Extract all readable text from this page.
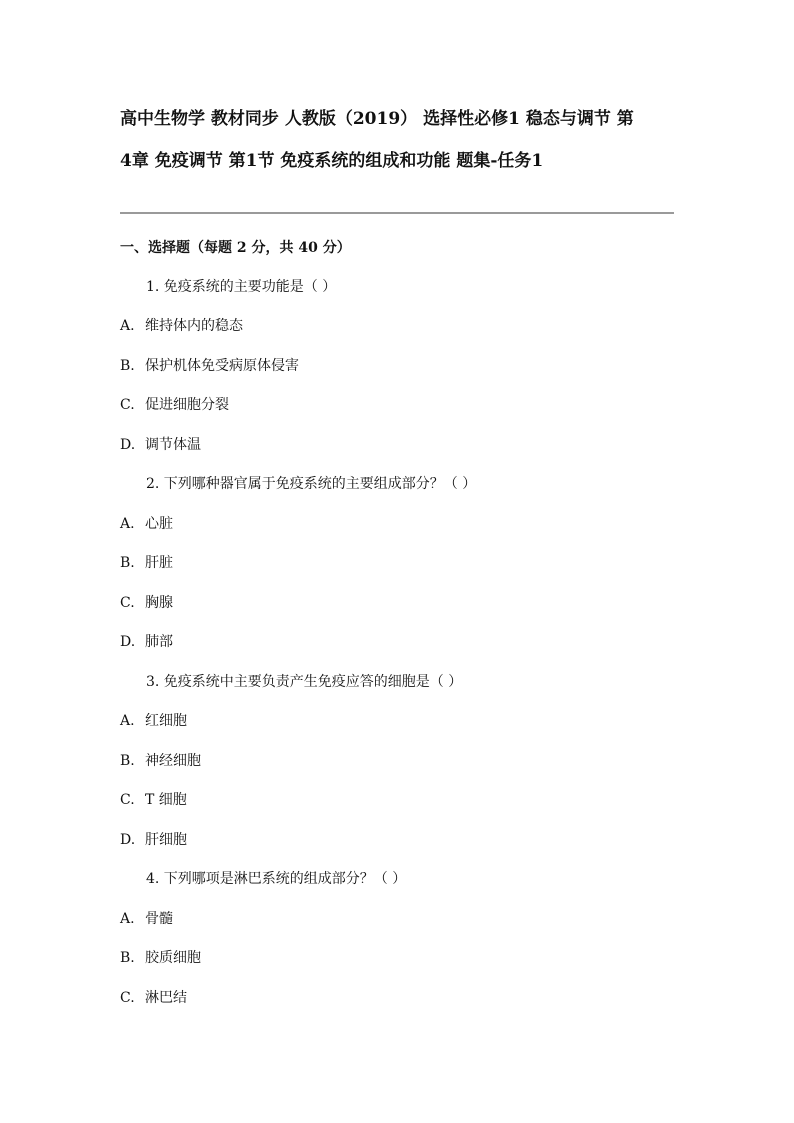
高中生物学 教材同步 人教版（2019） 选择性必修1 稳态与调节 第
4章 免疫调节 第1节 免疫系统的组成和功能 题集-任务1
一、选择题（每题 2 分，共 40 分）
1. 免疫系统的主要功能是（ ）
A. 维持体内的稳态
B. 保护机体免受病原体侵害
C. 促进细胞分裂
D. 调节体温
2. 下列哪种器官属于免疫系统的主要组成部分？（ ）
A. 心脏
B. 肝脏
C. 胸腺
D. 肺部
3. 免疫系统中主要负责产生免疫应答的细胞是（ ）
A. 红细胞
B. 神经细胞
C. T 细胞
D. 肝细胞
4. 下列哪项是淋巴系统的组成部分？（ ）
A. 骨髓
B. 胶质细胞
C. 淋巴结
